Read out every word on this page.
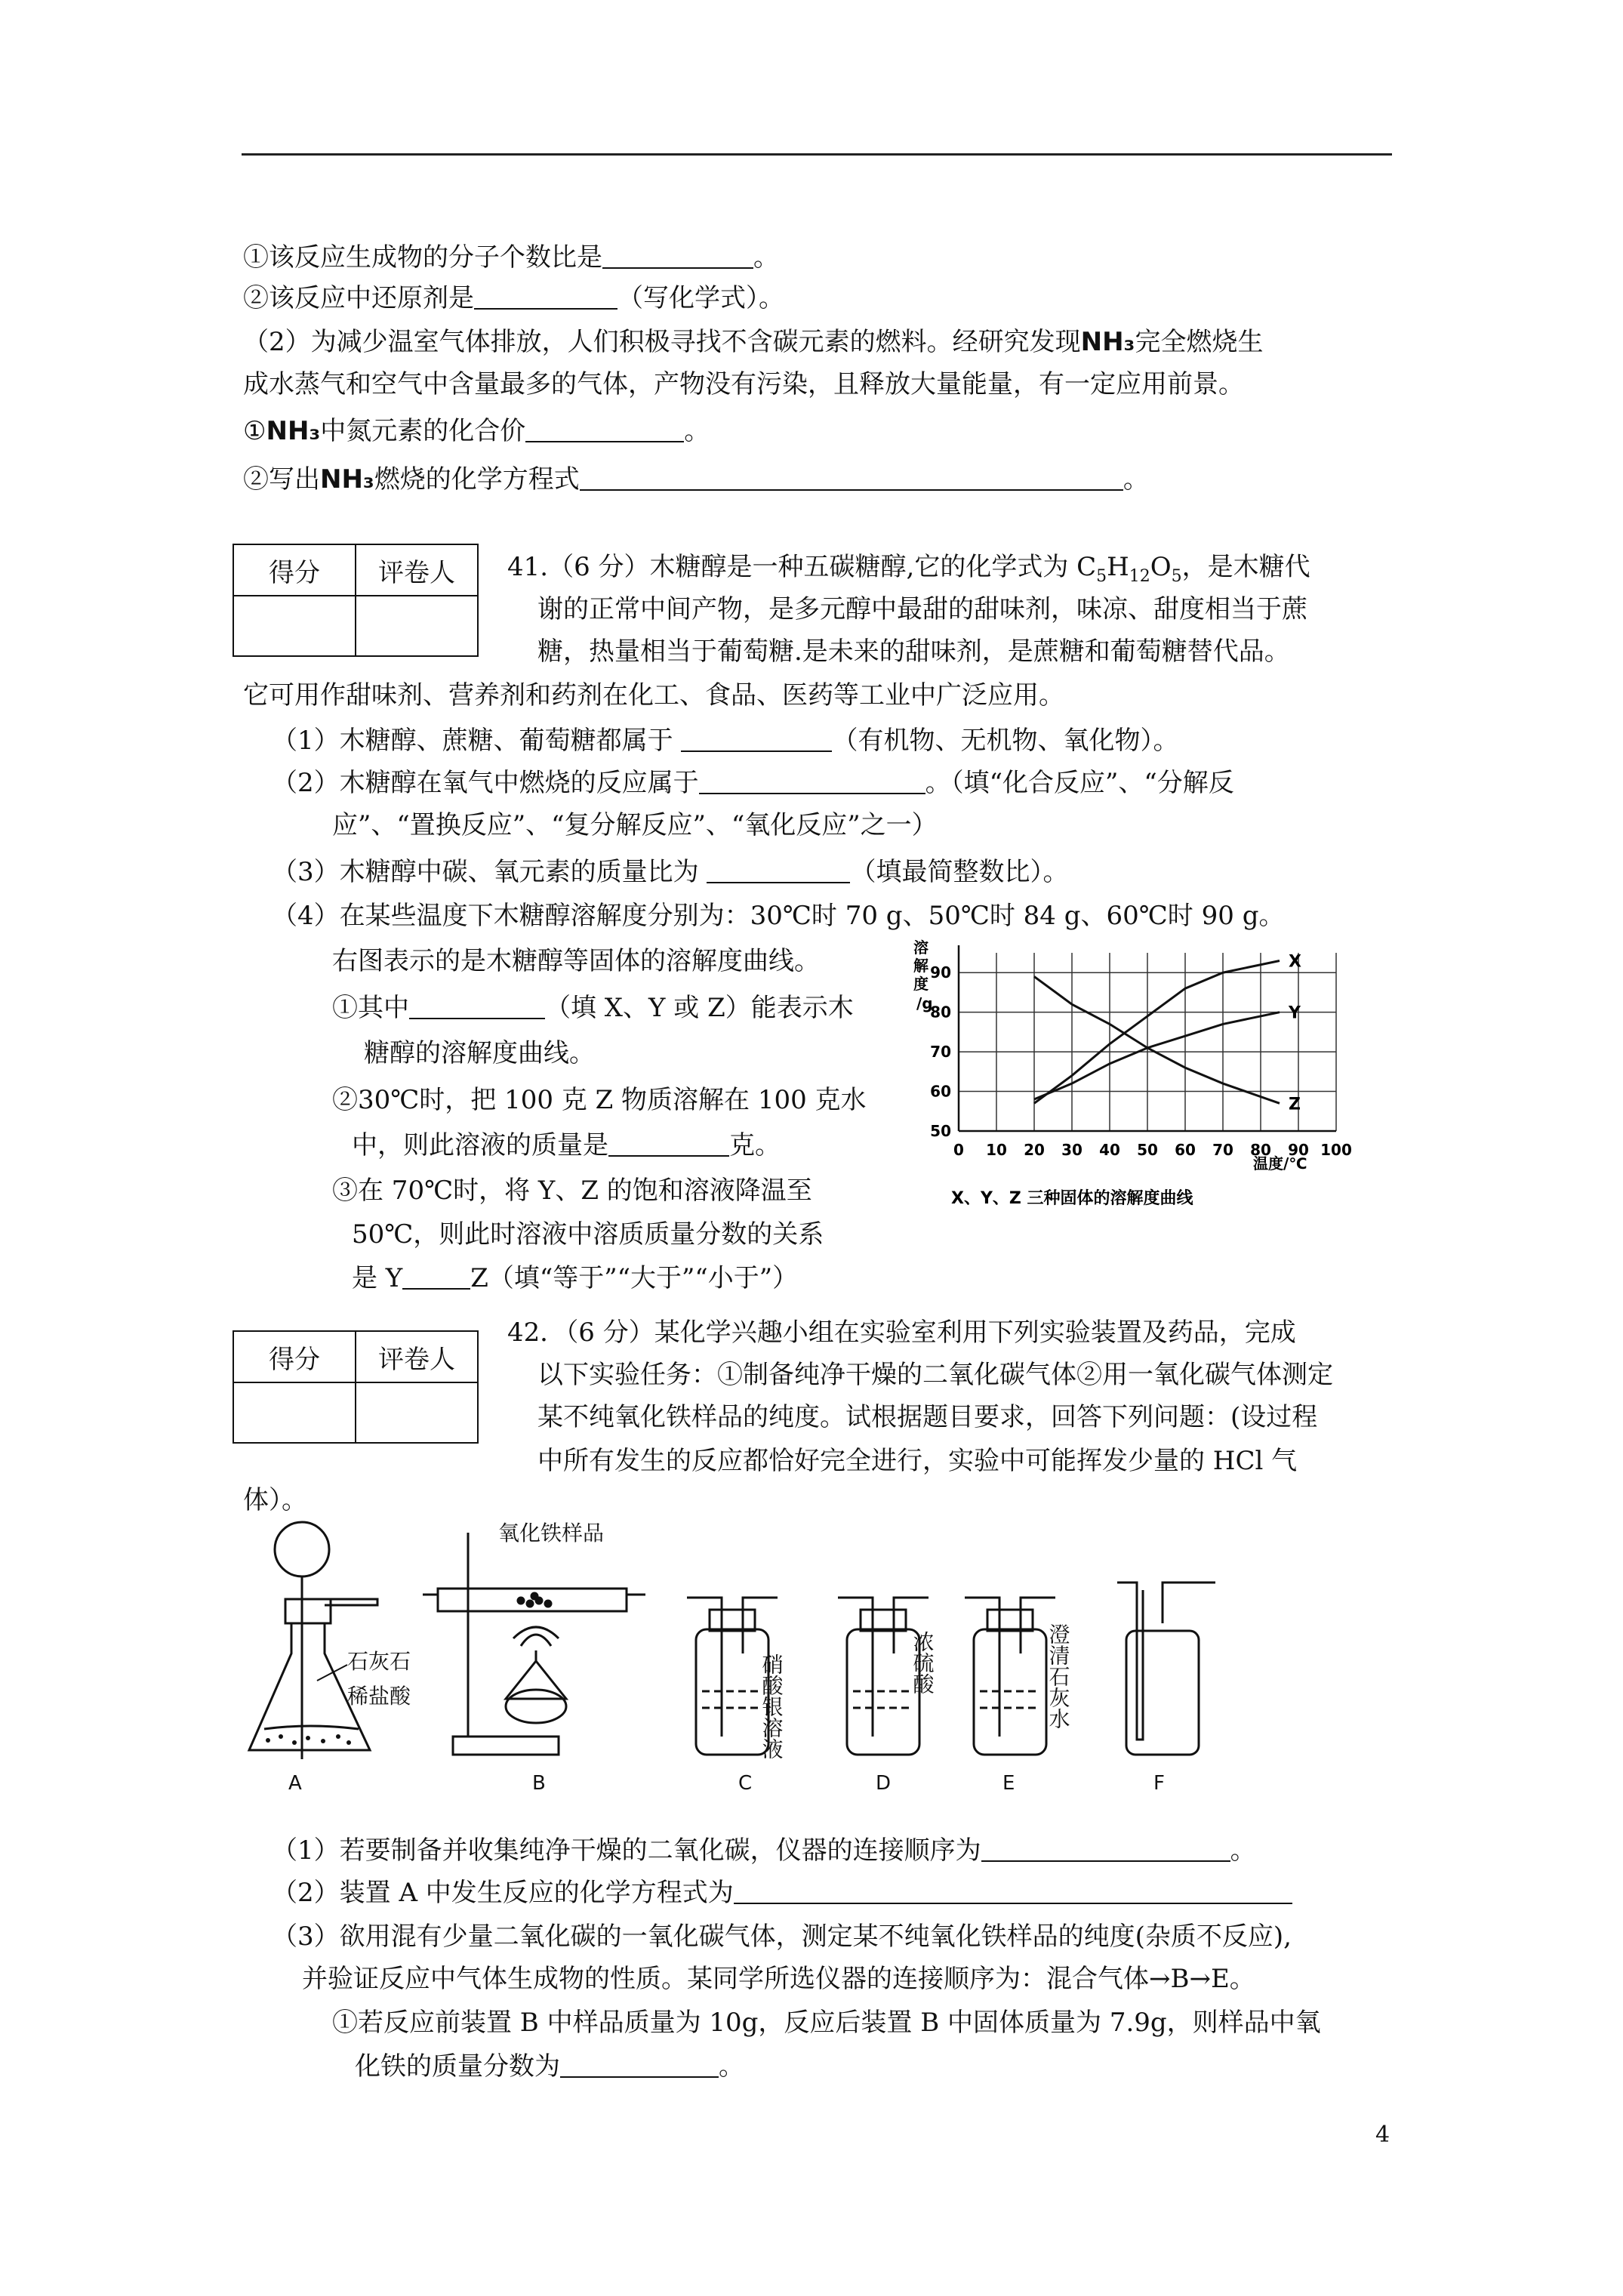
①该反应生成物的分子个数比是	。
②该反应中还原剂是	（写化学式）。
（2）为减少温室气体排放，人们积极寻找不含碳元素的燃料。经研究发现NH₃完全燃烧生
成水蒸气和空气中含量最多的气体，产物没有污染，且释放大量能量，有一定应用前景。
①NH₃中氮元素的化合价	。
②写出NH₃燃烧的化学方程式	。
得分	评卷人
	41.（6 分）木糖醇是一种五碳糖醇,它的化学式为 $C_5H_{12}O_5$，是木糖代
谢的正常中间产物，是多元醇中最甜的甜味剂，味凉、甜度相当于蔗
糖，热量相当于葡萄糖.是未来的甜味剂，是蔗糖和葡萄糖替代品。
它可用作甜味剂、营养剂和药剂在化工、食品、医药等工业中广泛应用。
（1）木糖醇、蔗糖、葡萄糖都属于	（有机物、无机物、氧化物）。
（2）木糖醇在氧气中燃烧的反应属于	。（填“化合反应”、“分解反
应”、“置换反应”、“复分解反应”、“氧化反应”之一）
（3）木糖醇中碳、氧元素的质量比为	（填最简整数比）。
（4）在某些温度下木糖醇溶解度分别为：30℃时 70 g、50℃时 84 g、60℃时 90 g。
右图表示的是木糖醇等固体的溶解度曲线。
①其中	（填 X、Y 或 Z）能表示木
糖醇的溶解度曲线。
②30℃时，把 100 克 Z 物质溶解在 100 克水
中，则此溶液的质量是	克。
③在 70℃时，将 Y、Z 的饱和溶液降温至
50℃，则此时溶液中溶质质量分数的关系
是 Y	Z（填“等于”“大于”“小于”）
溶
解
度
/g
0 10 20 30 40 50 60 70 80 90 100
50
60
70
80
90
X
Y
Z
温度/℃
X、Y、Z 三种固体的溶解度曲线
得分	评卷人

42．（6 分）某化学兴趣小组在实验室利用下列实验装置及药品，完成
以下实验任务：①制备纯净干燥的二氧化碳气体②用一氧化碳气体测定
某不纯氧化铁样品的纯度。试根据题目要求，回答下列问题：(设过程
中所有发生的反应都恰好完全进行，实验中可能挥发少量的 HCl 气
体）。
石灰石
稀盐酸
A
氧化铁样品
B
硝酸银溶液
C
浓硫酸
D
澄清石灰水
E	F
（1）若要制备并收集纯净干燥的二氧化碳，仪器的连接顺序为	。
（2）装置 A 中发生反应的化学方程式为
（3）欲用混有少量二氧化碳的一氧化碳气体，测定某不纯氧化铁样品的纯度(杂质不反应),
并验证反应中气体生成物的性质。某同学所选仪器的连接顺序为：混合气体→B→E。
①若反应前装置 B 中样品质量为 10g，反应后装置 B 中固体质量为 7.9g，则样品中氧
化铁的质量分数为	。
4
